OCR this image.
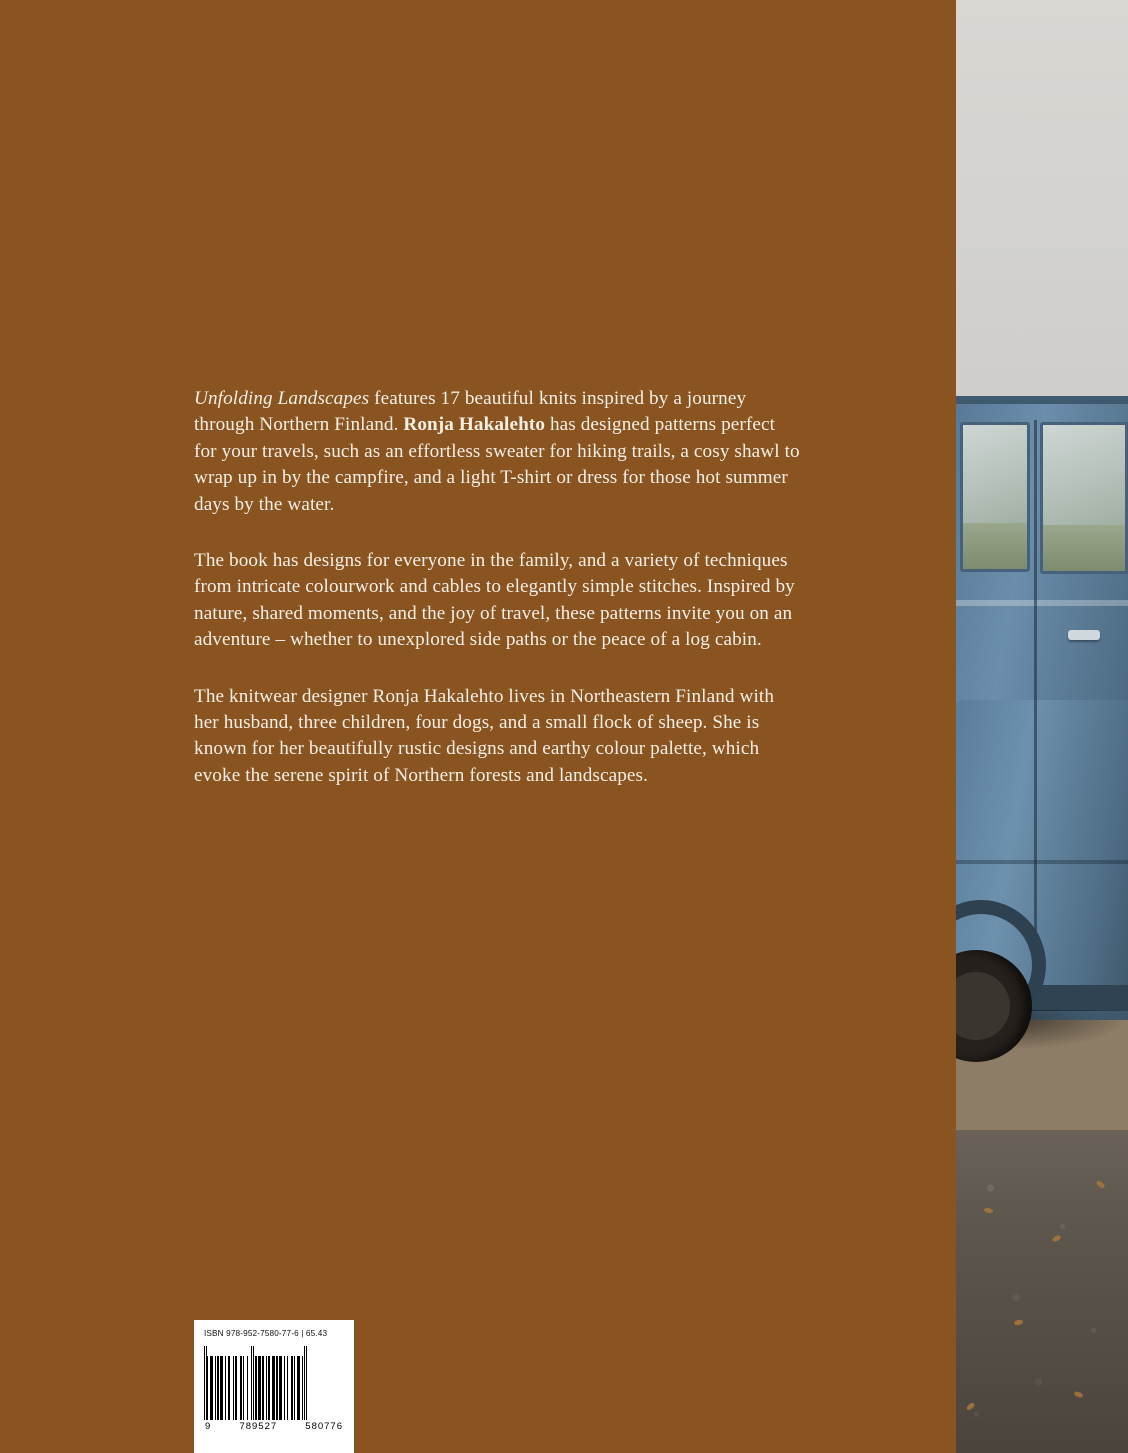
Unfolding Landscapes features 17 beautiful knits inspired by a journey through Northern Finland. Ronja Hakalehto has designed patterns perfect for your travels, such as an effortless sweater for hiking trails, a cosy shawl to wrap up in by the campfire, and a light T-shirt or dress for those hot summer days by the water.

The book has designs for everyone in the family, and a variety of techniques from intricate colourwork and cables to elegantly simple stitches. Inspired by nature, shared moments, and the joy of travel, these patterns invite you on an adventure – whether to unexplored side paths or the peace of a log cabin.

The knitwear designer Ronja Hakalehto lives in Northeastern Finland with her husband, three children, four dogs, and a small flock of sheep. She is known for her beautifully rustic designs and earthy colour palette, which evoke the serene spirit of Northern forests and landscapes.

ISBN 978-952-7580-77-6 | 65.43
9	789527	580776
